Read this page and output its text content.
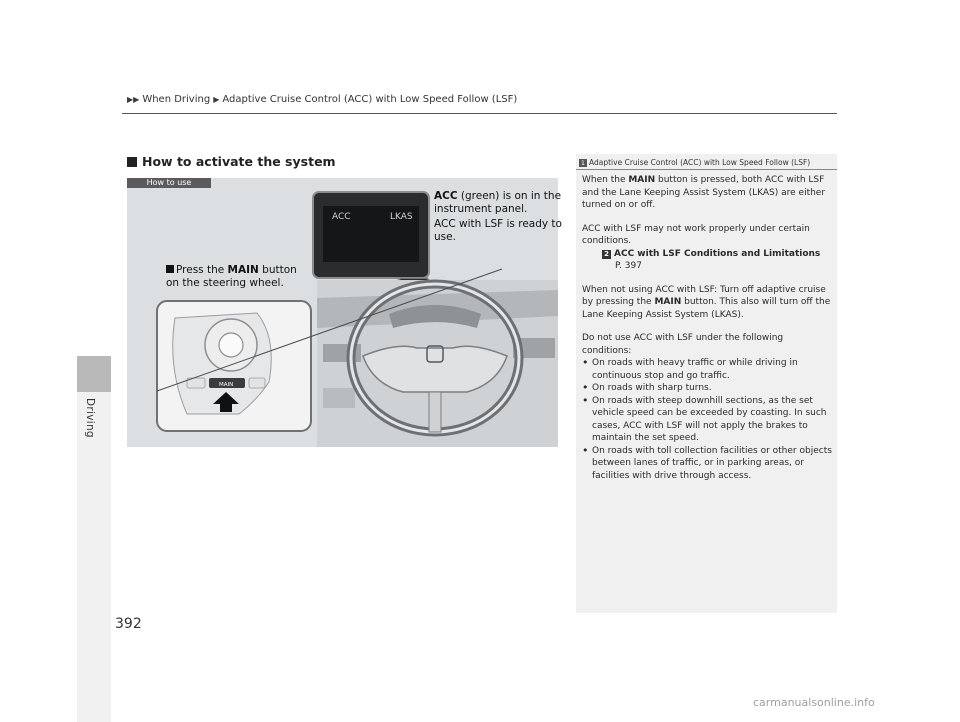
▶▶ When Driving ▶ Adaptive Cruise Control (ACC) with Low Speed Follow (LSF)
Driving
392
How to activate the system
How to use
ACC	LKAS
MAIN

ACC (green) is on in the instrument panel.

ACC with LSF is ready to use.

Press the MAIN button on the steering wheel.
1 Adaptive Cruise Control (ACC) with Low Speed Follow (LSF)

When the MAIN button is pressed, both ACC with LSF and the Lane Keeping Assist System (LKAS) are either turned on or off.

ACC with LSF may not work properly under certain conditions.

2 ACC with LSF Conditions and Limitations
P. 397

When not using ACC with LSF: Turn off adaptive cruise by pressing the MAIN button. This also will turn off the Lane Keeping Assist System (LKAS).

Do not use ACC with LSF under the following conditions:

• On roads with heavy traffic or while driving in continuous stop and go traffic.
• On roads with sharp turns.
• On roads with steep downhill sections, as the set vehicle speed can be exceeded by coasting. In such cases, ACC with LSF will not apply the brakes to maintain the set speed.
• On roads with toll collection facilities or other objects between lanes of traffic, or in parking areas, or facilities with drive through access.
carmanualsonline.info
